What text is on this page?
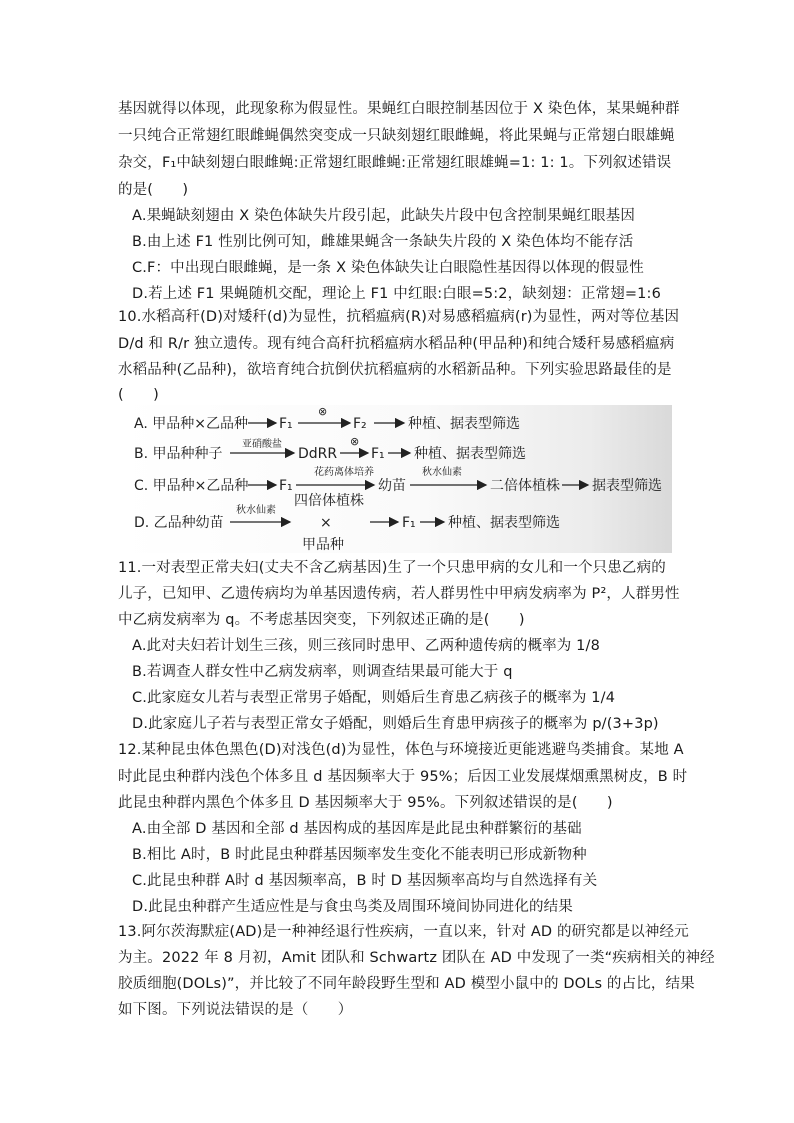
基因就得以体现，此现象称为假显性。果蝇红白眼控制基因位于 X 染色体，某果蝇种群
一只纯合正常翅红眼雌蝇偶然突变成一只缺刻翅红眼雌蝇，将此果蝇与正常翅白眼雄蝇
杂交，F₁中缺刻翅白眼雌蝇:正常翅红眼雌蝇:正常翅红眼雄蝇=1: 1: 1。下列叙述错误
的是(　　)
A.果蝇缺刻翅由 X 染色体缺失片段引起，此缺失片段中包含控制果蝇红眼基因
B.由上述 F1 性别比例可知，雌雄果蝇含一条缺失片段的 X 染色体均不能存活
C.F：中出现白眼雌蝇，是一条 X 染色体缺失让白眼隐性基因得以体现的假显性
D.若上述 F1 果蝇随机交配，理论上 F1 中红眼:白眼=5:2，缺刻翅：正常翅=1:6
10.水稻高秆(D)对矮秆(d)为显性，抗稻瘟病(R)对易感稻瘟病(r)为显性，两对等位基因
D/d 和 R/r 独立遗传。现有纯合高秆抗稻瘟病水稻品种(甲品种)和纯合矮秆易感稻瘟病
水稻品种(乙品种)，欲培育纯合抗倒伏抗稻瘟病的水稻新品种。下列实验思路最佳的是
(　　)
A. 甲品种×乙品种 F₁
⊗
F₂	种植、据表型筛选
B. 甲品种种子
亚硝酸盐
DdRR
⊗
F₁ 种植、据表型筛选
C. 甲品种×乙品种 F₁
花药离体培养
幼苗
秋水仙素
二倍体植株 据表型筛选
D. 乙品种幼苗
秋水仙素
四倍体植株
×
甲品种
F₁ 种植、据表型筛选
11.一对表型正常夫妇(丈夫不含乙病基因)生了一个只患甲病的女儿和一个只患乙病的
儿子，已知甲、乙遗传病均为单基因遗传病，若人群男性中甲病发病率为 P²，人群男性
中乙病发病率为 q。不考虑基因突变，下列叙述正确的是(　　)
A.此对夫妇若计划生三孩，则三孩同时患甲、乙两种遗传病的概率为 1/8
B.若调查人群女性中乙病发病率，则调查结果最可能大于 q
C.此家庭女儿若与表型正常男子婚配，则婚后生育患乙病孩子的概率为 1/4
D.此家庭儿子若与表型正常女子婚配，则婚后生育患甲病孩子的概率为 p/(3+3p)
12.某种昆虫体色黑色(D)对浅色(d)为显性，体色与环境接近更能逃避鸟类捕食。某地 A
时此昆虫种群内浅色个体多且 d 基因频率大于 95%；后因工业发展煤烟熏黑树皮，B 时
此昆虫种群内黑色个体多且 D 基因频率大于 95%。下列叙述错误的是(　　)
A.由全部 D 基因和全部 d 基因构成的基因库是此昆虫种群繁衍的基础
B.相比 A时，B 时此昆虫种群基因频率发生变化不能表明已形成新物种
C.此昆虫种群 A时 d 基因频率高，B 时 D 基因频率高均与自然选择有关
D.此昆虫种群产生适应性是与食虫鸟类及周围环境间协同进化的结果
13.阿尔茨海默症(AD)是一种神经退行性疾病，一直以来，针对 AD 的研究都是以神经元
为主。2022 年 8 月初，Amit 团队和 Schwartz 团队在 AD 中发现了一类“疾病相关的神经
胶质细胞(DOLs)”，并比较了不同年龄段野生型和 AD 模型小鼠中的 DOLs 的占比，结果
如下图。下列说法错误的是（　　）
